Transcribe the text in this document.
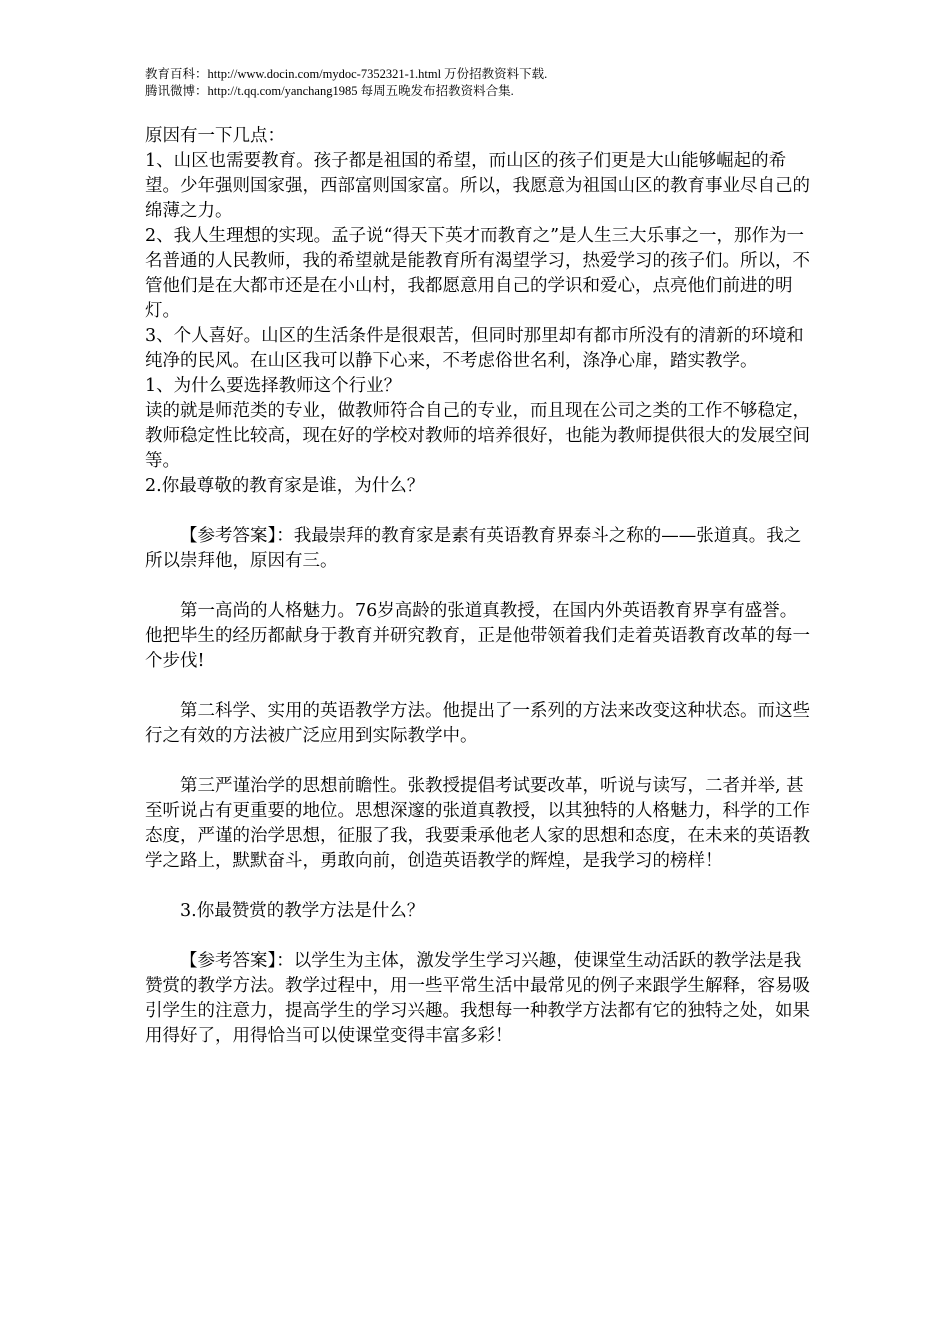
教育百科：http://www.docin.com/mydoc-7352321-1.html 万份招教资料下载.
腾讯微博：http://t.qq.com/yanchang1985 每周五晚发布招教资料合集.

原因有一下几点：

1、山区也需要教育。孩子都是祖国的希望，而山区的孩子们更是大山能够崛起的希望。少年强则国家强，西部富则国家富。所以，我愿意为祖国山区的教育事业尽自己的绵薄之力。

2、我人生理想的实现。孟子说“得天下英才而教育之”是人生三大乐事之一，那作为一名普通的人民教师，我的希望就是能教育所有渴望学习，热爱学习的孩子们。所以，不管他们是在大都市还是在小山村，我都愿意用自己的学识和爱心，点亮他们前进的明灯。

3、个人喜好。山区的生活条件是很艰苦，但同时那里却有都市所没有的清新的环境和纯净的民风。在山区我可以静下心来，不考虑俗世名利，涤净心扉，踏实教学。

1、为什么要选择教师这个行业？

读的就是师范类的专业，做教师符合自己的专业，而且现在公司之类的工作不够稳定，教师稳定性比较高，现在好的学校对教师的培养很好，也能为教师提供很大的发展空间等。

2.你最尊敬的教育家是谁，为什么？

【参考答案】：我最崇拜的教育家是素有英语教育界泰斗之称的——张道真。我之所以崇拜他，原因有三。

第一高尚的人格魅力。76岁高龄的张道真教授，在国内外英语教育界享有盛誉。他把毕生的经历都献身于教育并研究教育，正是他带领着我们走着英语教育改革的每一个步伐!

第二科学、实用的英语教学方法。他提出了一系列的方法来改变这种状态。而这些行之有效的方法被广泛应用到实际教学中。

第三严谨治学的思想前瞻性。张教授提倡考试要改革，听说与读写，二者并举, 甚至听说占有更重要的地位。思想深邃的张道真教授，以其独特的人格魅力，科学的工作态度，严谨的治学思想，征服了我，我要秉承他老人家的思想和态度，在未来的英语教学之路上，默默奋斗，勇敢向前，创造英语教学的辉煌，是我学习的榜样！

3.你最赞赏的教学方法是什么？

【参考答案】：以学生为主体，激发学生学习兴趣，使课堂生动活跃的教学法是我赞赏的教学方法。教学过程中，用一些平常生活中最常见的例子来跟学生解释，容易吸引学生的注意力，提高学生的学习兴趣。我想每一种教学方法都有它的独特之处，如果用得好了，用得恰当可以使课堂变得丰富多彩！
